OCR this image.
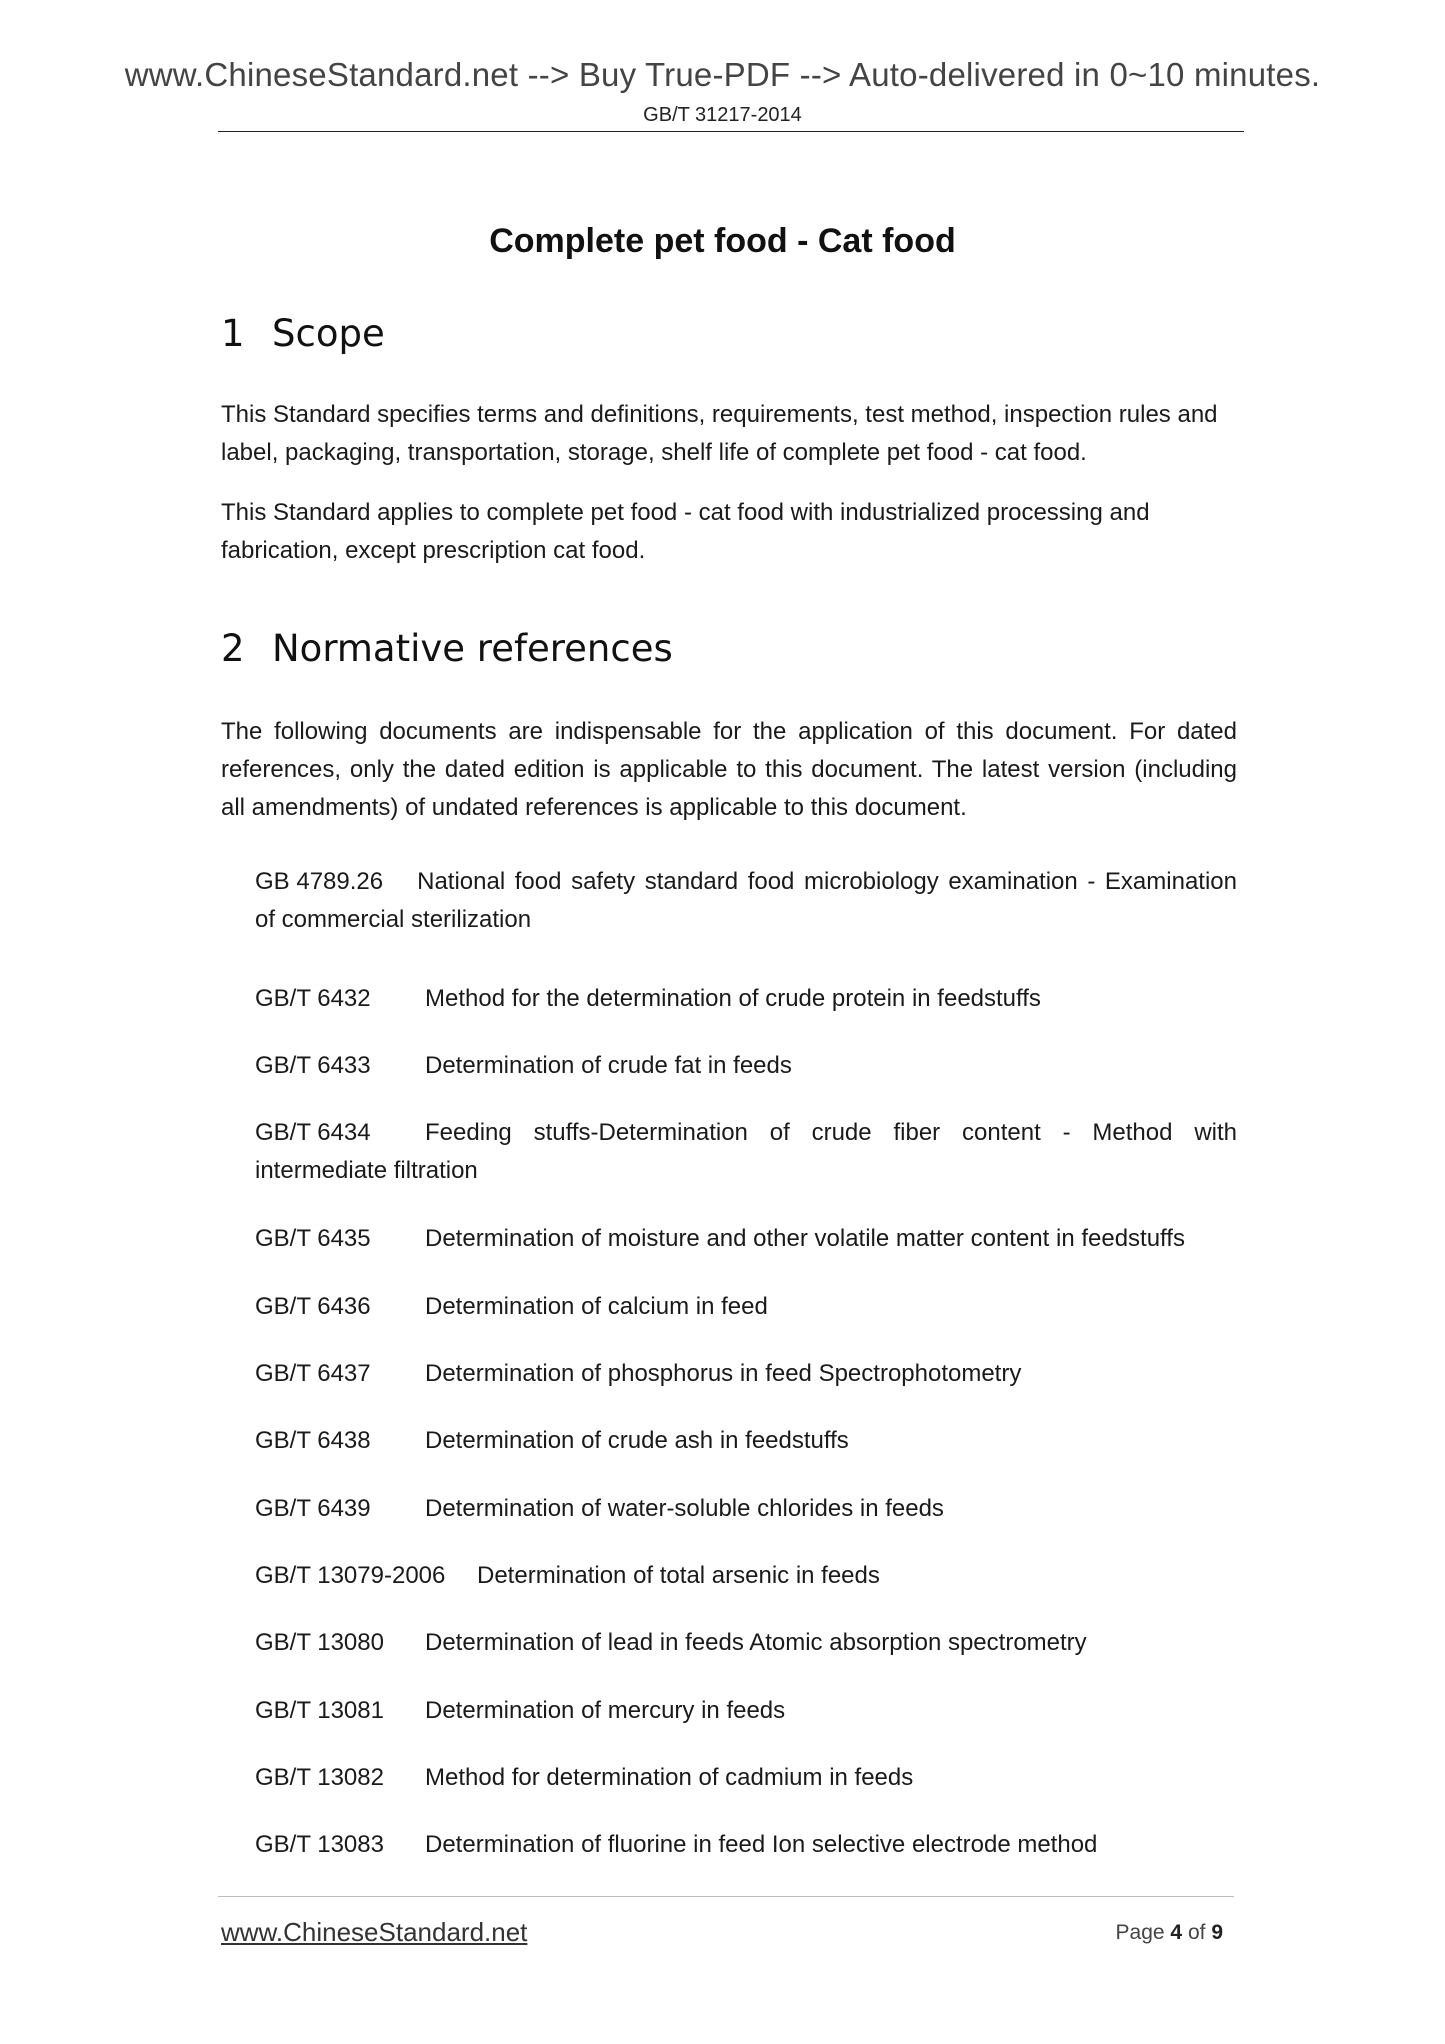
www.ChineseStandard.net --> Buy True-PDF --> Auto-delivered in 0~10 minutes.
GB/T 31217-2014
Complete pet food - Cat food
1 Scope
This Standard specifies terms and definitions, requirements, test method, inspection rules and label, packaging, transportation, storage, shelf life of complete pet food - cat food.
This Standard applies to complete pet food - cat food with industrialized processing and fabrication, except prescription cat food.
2 Normative references
The following documents are indispensable for the application of this document. For dated references, only the dated edition is applicable to this document. The latest version (including all amendments) of undated references is applicable to this document.
GB 4789.26 National food safety standard food microbiology examination - Examination of commercial sterilization
GB/T 6432 Method for the determination of crude protein in feedstuffs
GB/T 6433 Determination of crude fat in feeds
GB/T 6434 Feeding stuffs-Determination of crude fiber content - Method with intermediate filtration
GB/T 6435 Determination of moisture and other volatile matter content in feedstuffs
GB/T 6436 Determination of calcium in feed
GB/T 6437 Determination of phosphorus in feed Spectrophotometry
GB/T 6438 Determination of crude ash in feedstuffs
GB/T 6439 Determination of water-soluble chlorides in feeds
GB/T 13079-2006 Determination of total arsenic in feeds
GB/T 13080 Determination of lead in feeds Atomic absorption spectrometry
GB/T 13081 Determination of mercury in feeds
GB/T 13082 Method for determination of cadmium in feeds
GB/T 13083 Determination of fluorine in feed Ion selective electrode method
www.ChineseStandard.net	Page 4 of 9
